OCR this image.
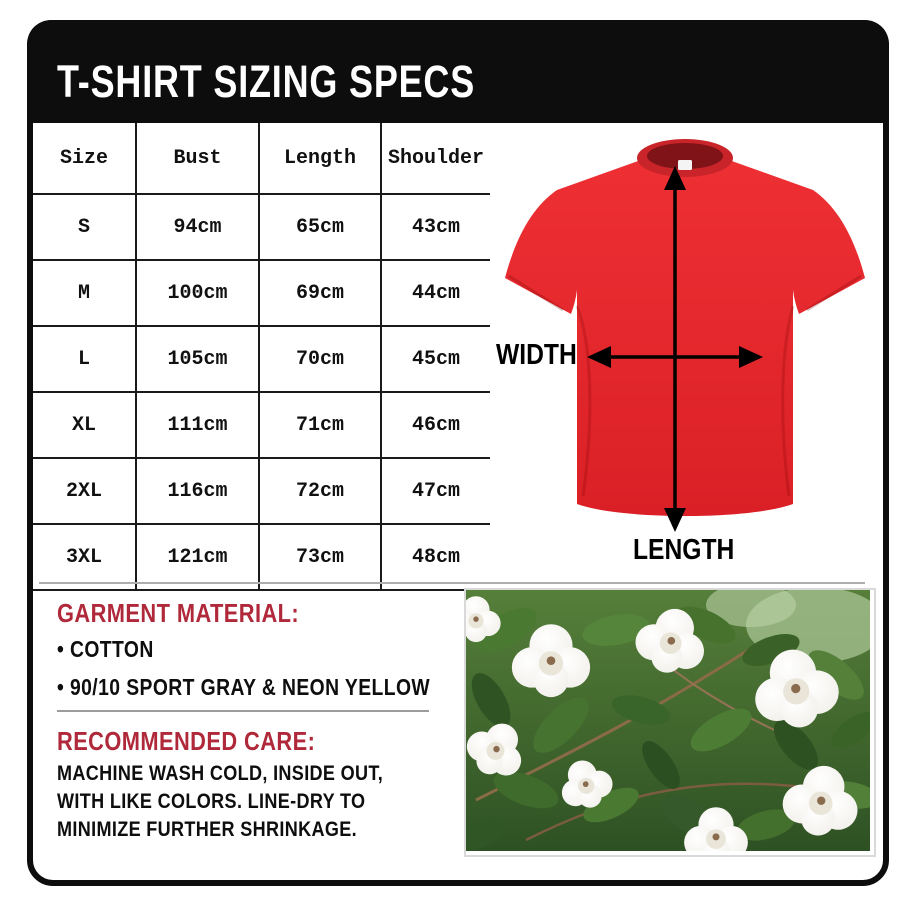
T-SHIRT SIZING SPECS
Size	Bust	Length	Shoulder
S	94cm	65cm	43cm
M	100cm	69cm	44cm
L	105cm	70cm	45cm
XL	111cm	71cm	46cm
2XL	116cm	72cm	47cm
3XL	121cm	73cm	48cm
WIDTH
LENGTH
GARMENT MATERIAL:
• COTTON
• 90/10 SPORT GRAY & NEON YELLOW
RECOMMENDED CARE:
MACHINE WASH COLD, INSIDE OUT, WITH LIKE COLORS. LINE-DRY TO MINIMIZE FURTHER SHRINKAGE.
